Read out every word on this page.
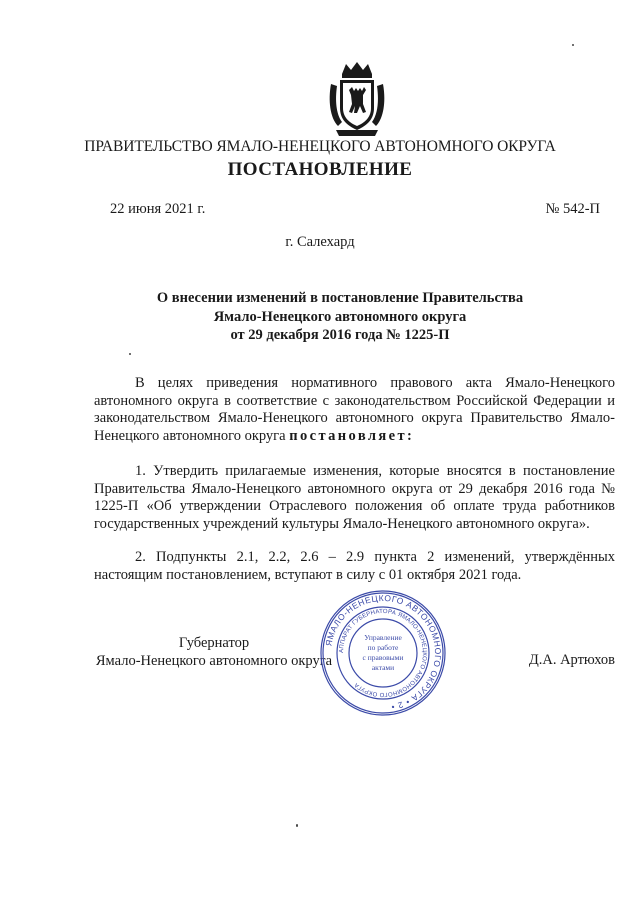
ПРАВИТЕЛЬСТВО ЯМАЛО-НЕНЕЦКОГО АВТОНОМНОГО ОКРУГА
ПОСТАНОВЛЕНИЕ
22 июня 2021 г.	№ 542-П
г. Салехард
О внесении изменений в постановление Правительства
Ямало-Ненецкого автономного округа
от 29 декабря 2016 года № 1225-П

В целях приведения нормативного правового акта Ямало-Ненецкого автономного округа в соответствие с законодательством Российской Федерации и законодательством Ямало-Ненецкого автономного округа Правительство Ямало-Ненецкого автономного округа постановляет:

1. Утвердить прилагаемые изменения, которые вносятся в постановление Правительства Ямало-Ненецкого автономного округа от 29 декабря 2016 года № 1225-П «Об утверждении Отраслевого положения об оплате труда работников государственных учреждений культуры Ямало-Ненецкого автономного округа».

2. Подпункты 2.1, 2.2, 2.6 – 2.9 пункта 2 изменений, утверждённых настоящим постановлением, вступают в силу с 01 октября 2021 года.

Губернатор
Ямало-Ненецкого автономного округа	Д.А. Артюхов
ЯМАЛО-НЕНЕЦКОГО АВТОНОМНОГО ОКРУГА • 2 •
АППАРАТ ГУБЕРНАТОРА ЯМАЛО-НЕНЕЦКОГО АВТОНОМНОГО ОКРУГА
Управление
по работе
с правовыми
актами
